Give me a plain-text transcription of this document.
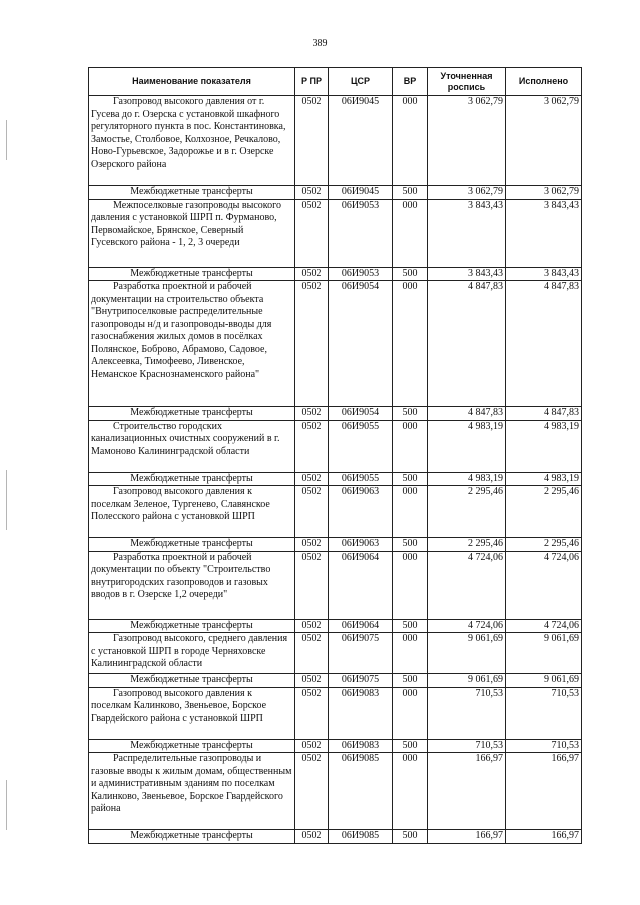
389
Наименование показателя	Р ПР	ЦСР	ВР	Уточненная роспись	Исполнено
Газопровод высокого давления от г. Гусева до г. Озерска с установкой шкафного регуляторного пункта в пос. Константиновка, Замостье, Столбовое, Колхозное, Речкалово, Ново-Гурьевское, Задорожье и в г. Озерске Озерского района	0502	06И9045	000	3 062,79	3 062,79
Межбюджетные трансферты	0502	06И9045	500	3 062,79	3 062,79
Межпоселковые газопроводы высокого давления с установкой ШРП п. Фурманово, Первомайское, Брянское, Северный Гусевского района - 1, 2, 3 очереди	0502	06И9053	000	3 843,43	3 843,43
Межбюджетные трансферты	0502	06И9053	500	3 843,43	3 843,43
Разработка проектной и рабочей документации на строительство объекта "Внутрипоселковые распределительные газопроводы н/д и газопроводы-вводы для газоснабжения жилых домов в посёлках Полянское, Боброво, Абрамово, Садовое, Алексеевка, Тимофеево, Ливенское, Неманское Краснознаменского района"	0502	06И9054	000	4 847,83	4 847,83
Межбюджетные трансферты	0502	06И9054	500	4 847,83	4 847,83
Строительство городских канализационных очистных сооружений в г. Мамоново Калининградской области	0502	06И9055	000	4 983,19	4 983,19
Межбюджетные трансферты	0502	06И9055	500	4 983,19	4 983,19
Газопровод высокого давления к поселкам Зеленое, Тургенево, Славянское Полесского района с установкой ШРП	0502	06И9063	000	2 295,46	2 295,46
Межбюджетные трансферты	0502	06И9063	500	2 295,46	2 295,46
Разработка проектной и рабочей документации по объекту "Строительство внутригородских газопроводов и газовых вводов в г. Озерске 1,2 очереди"	0502	06И9064	000	4 724,06	4 724,06
Межбюджетные трансферты	0502	06И9064	500	4 724,06	4 724,06
Газопровод высокого, среднего давления с установкой ШРП в городе Черняховске Калининградской области	0502	06И9075	000	9 061,69	9 061,69
Межбюджетные трансферты	0502	06И9075	500	9 061,69	9 061,69
Газопровод высокого давления к поселкам Калинково, Звеньевое, Борское Гвардейского района с установкой ШРП	0502	06И9083	000	710,53	710,53
Межбюджетные трансферты	0502	06И9083	500	710,53	710,53
Распределительные газопроводы и газовые вводы к жилым домам, общественным и административным зданиям по поселкам Калинково, Звеньевое, Борское Гвардейского района	0502	06И9085	000	166,97	166,97
Межбюджетные трансферты	0502	06И9085	500	166,97	166,97
